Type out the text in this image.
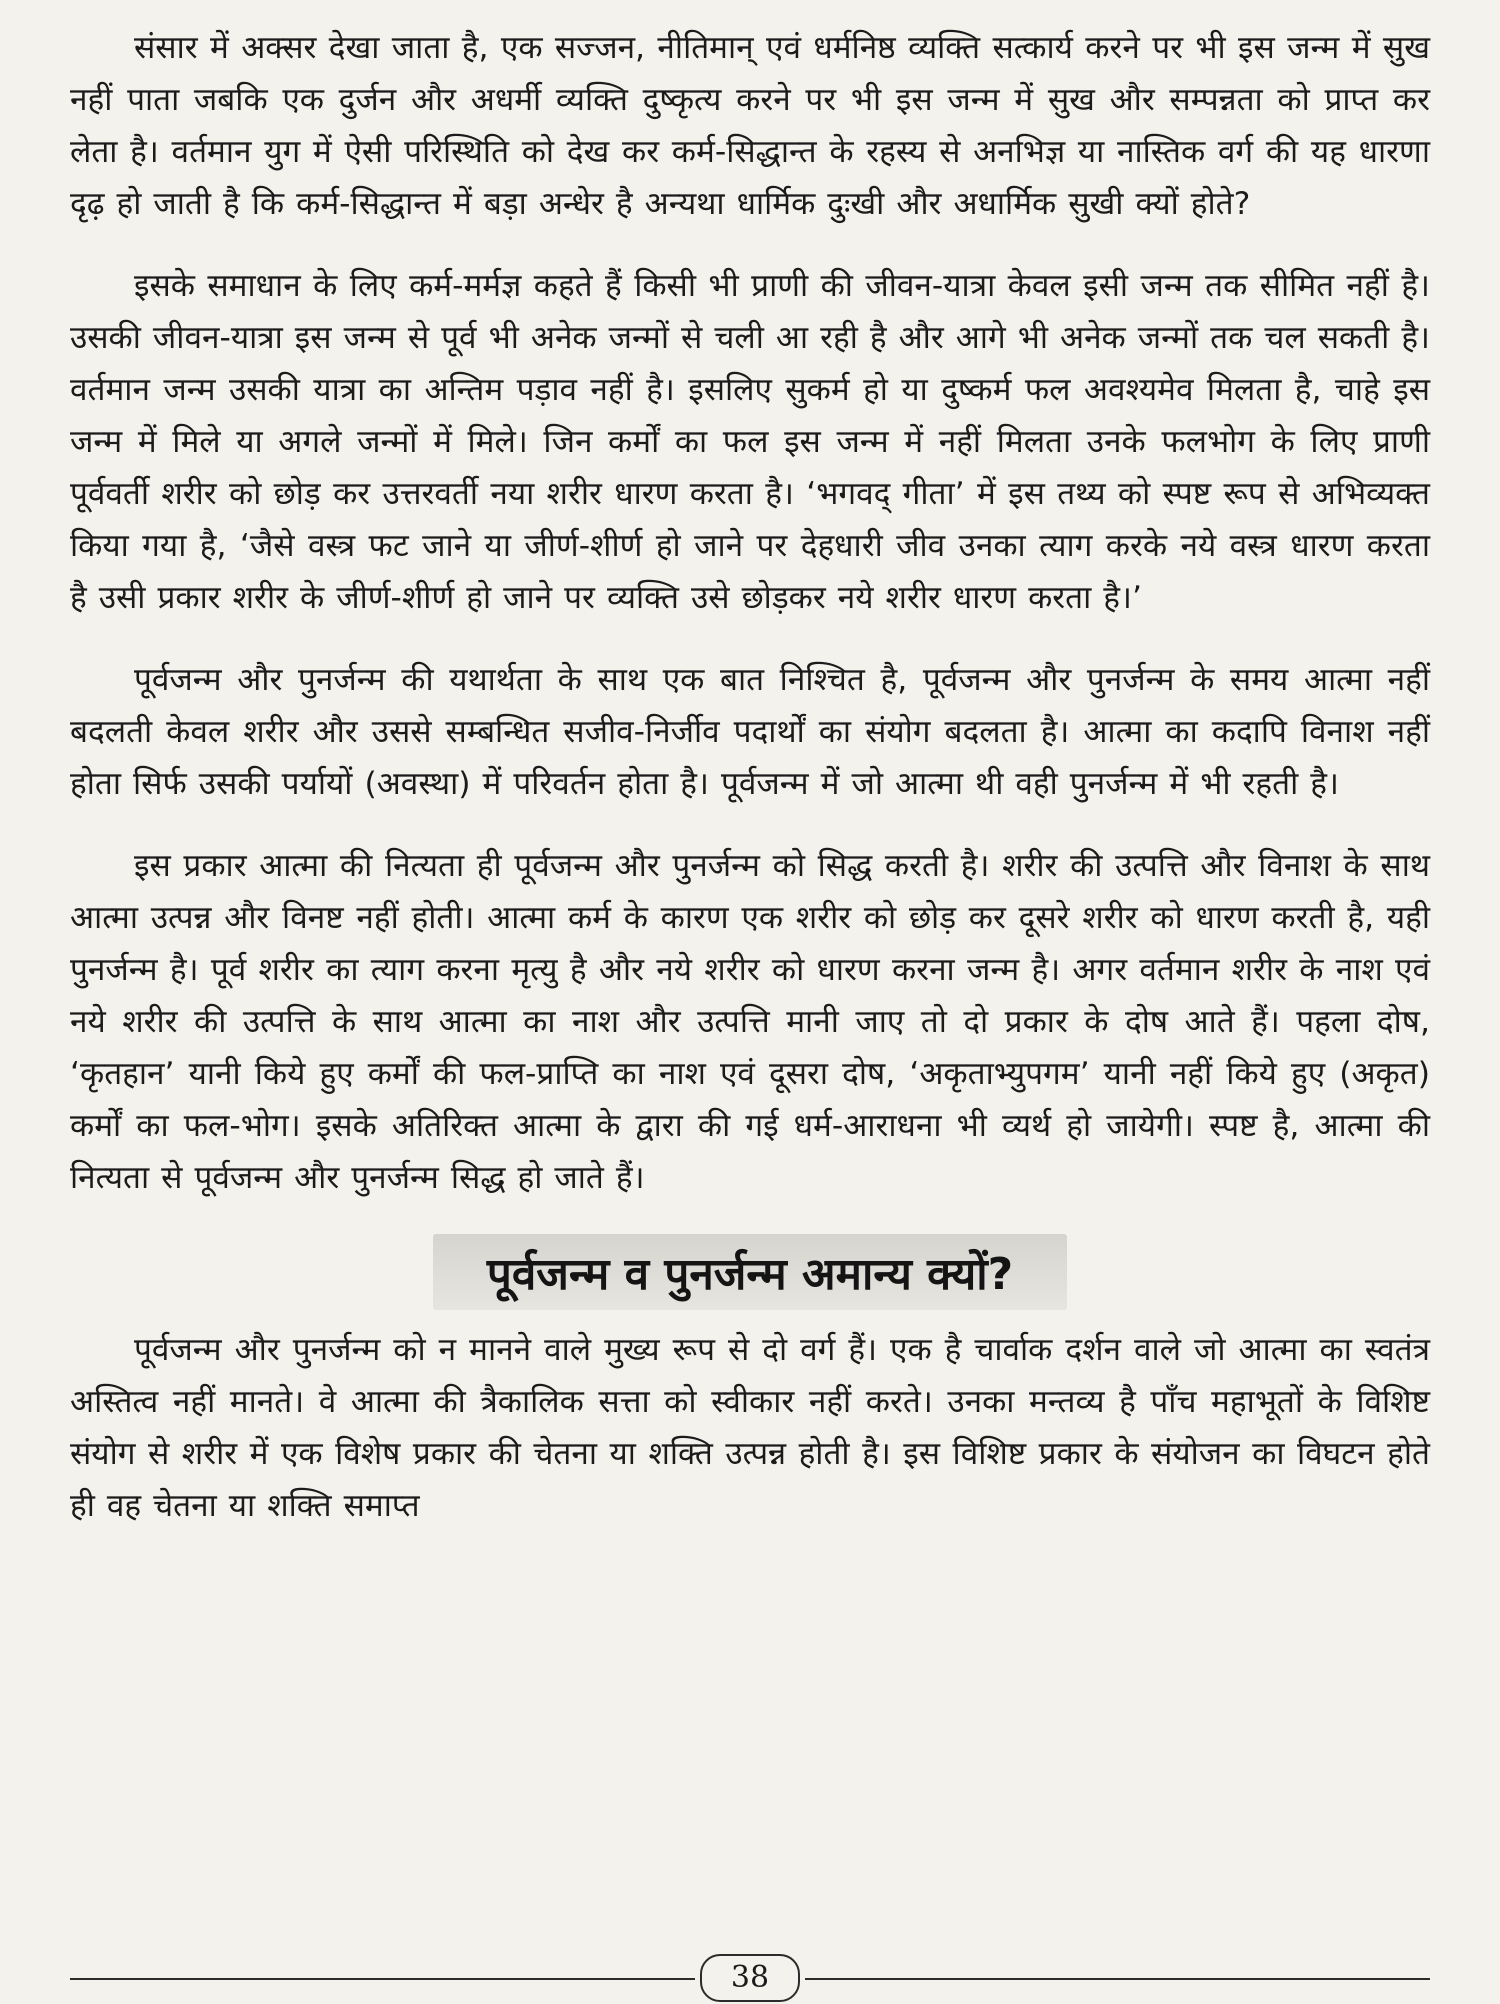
संसार में अक्सर देखा जाता है, एक सज्जन, नीतिमान् एवं धर्मनिष्ठ व्यक्ति सत्कार्य करने पर भी इस जन्म में सुख नहीं पाता जबकि एक दुर्जन और अधर्मी व्यक्ति दुष्कृत्य करने पर भी इस जन्म में सुख और सम्पन्नता को प्राप्त कर लेता है। वर्तमान युग में ऐसी परिस्थिति को देख कर कर्म-सिद्धान्त के रहस्य से अनभिज्ञ या नास्तिक वर्ग की यह धारणा दृढ़ हो जाती है कि कर्म-सिद्धान्त में बड़ा अन्धेर है अन्यथा धार्मिक दुःखी और अधार्मिक सुखी क्यों होते?

इसके समाधान के लिए कर्म-मर्मज्ञ कहते हैं किसी भी प्राणी की जीवन-यात्रा केवल इसी जन्म तक सीमित नहीं है। उसकी जीवन-यात्रा इस जन्म से पूर्व भी अनेक जन्मों से चली आ रही है और आगे भी अनेक जन्मों तक चल सकती है। वर्तमान जन्म उसकी यात्रा का अन्तिम पड़ाव नहीं है। इसलिए सुकर्म हो या दुष्कर्म फल अवश्यमेव मिलता है, चाहे इस जन्म में मिले या अगले जन्मों में मिले। जिन कर्मों का फल इस जन्म में नहीं मिलता उनके फलभोग के लिए प्राणी पूर्ववर्ती शरीर को छोड़ कर उत्तरवर्ती नया शरीर धारण करता है। ‘भगवद् गीता’ में इस तथ्य को स्पष्ट रूप से अभिव्यक्त किया गया है, ‘जैसे वस्त्र फट जाने या जीर्ण-शीर्ण हो जाने पर देहधारी जीव उनका त्याग करके नये वस्त्र धारण करता है उसी प्रकार शरीर के जीर्ण-शीर्ण हो जाने पर व्यक्ति उसे छोड़कर नये शरीर धारण करता है।’

पूर्वजन्म और पुनर्जन्म की यथार्थता के साथ एक बात निश्चित है, पूर्वजन्म और पुनर्जन्म के समय आत्मा नहीं बदलती केवल शरीर और उससे सम्बन्धित सजीव-निर्जीव पदार्थों का संयोग बदलता है। आत्मा का कदापि विनाश नहीं होता सिर्फ उसकी पर्यायों (अवस्था) में परिवर्तन होता है। पूर्वजन्म में जो आत्मा थी वही पुनर्जन्म में भी रहती है।

इस प्रकार आत्मा की नित्यता ही पूर्वजन्म और पुनर्जन्म को सिद्ध करती है। शरीर की उत्पत्ति और विनाश के साथ आत्मा उत्पन्न और विनष्ट नहीं होती। आत्मा कर्म के कारण एक शरीर को छोड़ कर दूसरे शरीर को धारण करती है, यही पुनर्जन्म है। पूर्व शरीर का त्याग करना मृत्यु है और नये शरीर को धारण करना जन्म है। अगर वर्तमान शरीर के नाश एवं नये शरीर की उत्पत्ति के साथ आत्मा का नाश और उत्पत्ति मानी जाए तो दो प्रकार के दोष आते हैं। पहला दोष, ‘कृतहान’ यानी किये हुए कर्मों की फल-प्राप्ति का नाश एवं दूसरा दोष, ‘अकृताभ्युपगम’ यानी नहीं किये हुए (अकृत) कर्मों का फल-भोग। इसके अतिरिक्त आत्मा के द्वारा की गई धर्म-आराधना भी व्यर्थ हो जायेगी। स्पष्ट है, आत्मा की नित्यता से पूर्वजन्म और पुनर्जन्म सिद्ध हो जाते हैं।

पूर्वजन्म व पुनर्जन्म अमान्य क्यों?

पूर्वजन्म और पुनर्जन्म को न मानने वाले मुख्य रूप से दो वर्ग हैं। एक है चार्वाक दर्शन वाले जो आत्मा का स्वतंत्र अस्तित्व नहीं मानते। वे आत्मा की त्रैकालिक सत्ता को स्वीकार नहीं करते। उनका मन्तव्य है पाँच महाभूतों के विशिष्ट संयोग से शरीर में एक विशेष प्रकार की चेतना या शक्ति उत्पन्न होती है। इस विशिष्ट प्रकार के संयोजन का विघटन होते ही वह चेतना या शक्ति समाप्त

38
